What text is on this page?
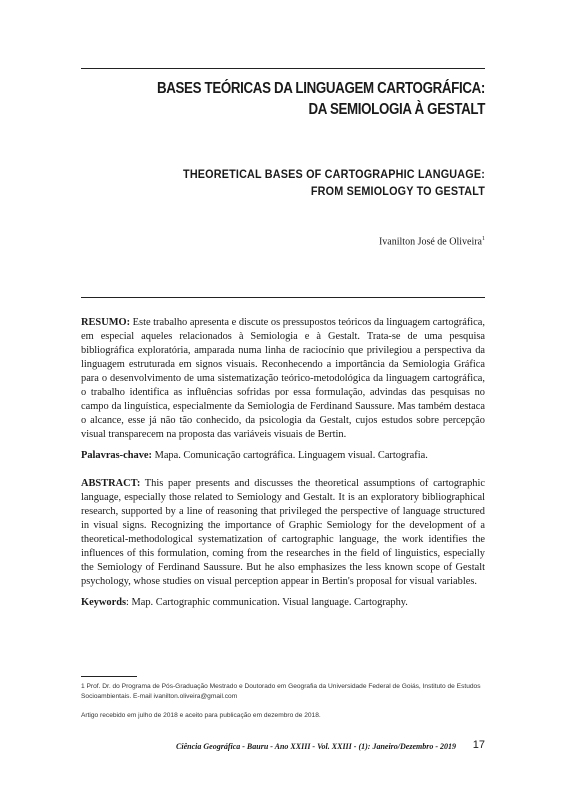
BASES TEÓRICAS DA LINGUAGEM CARTOGRÁFICA:
DA SEMIOLOGIA À GESTALT
THEORETICAL BASES OF CARTOGRAPHIC LANGUAGE:
FROM SEMIOLOGY TO GESTALT
Ivanilton José de Oliveira$^1$
RESUMO: Este trabalho apresenta e discute os pressupostos teóricos da linguagem cartográfica, em especial aqueles relacionados à Semiologia e à Gestalt. Trata-se de uma pesquisa bibliográfica exploratória, amparada numa linha de raciocínio que privilegiou a perspectiva da linguagem estruturada em signos visuais. Reconhecendo a importância da Semiologia Gráfica para o desenvolvimento de uma sistematização teórico-metodológica da linguagem cartográfica, o trabalho identifica as influências sofridas por essa formulação, advindas das pesquisas no campo da linguística, especialmente da Semiologia de Ferdinand Saussure. Mas também destaca o alcance, esse já não tão conhecido, da psicologia da Gestalt, cujos estudos sobre percepção visual transparecem na proposta das variáveis visuais de Bertin.
Palavras-chave: Mapa. Comunicação cartográfica. Linguagem visual. Cartografia.
ABSTRACT: This paper presents and discusses the theoretical assumptions of cartographic language, especially those related to Semiology and Gestalt. It is an exploratory bibliographical research, supported by a line of reasoning that privileged the perspective of language structured in visual signs. Recognizing the importance of Graphic Semiology for the development of a theoretical-methodological systematization of cartographic language, the work identifies the influences of this formulation, coming from the researches in the field of linguistics, especially the Semiology of Ferdinand Saussure. But he also emphasizes the less known scope of Gestalt psychology, whose studies on visual perception appear in Bertin's proposal for visual variables.
Keywords: Map. Cartographic communication. Visual language. Cartography.
1 Prof. Dr. do Programa de Pós-Graduação Mestrado e Doutorado em Geografia da Universidade Federal de Goiás, Instituto de Estudos Socioambientais. E-mail ivanilton.oliveira@gmail.com
Artigo recebido em julho de 2018 e aceito para publicação em dezembro de 2018.
Ciência Geográfica - Bauru - Ano XXIII - Vol. XXIII - (1): Janeiro/Dezembro - 2019 17
